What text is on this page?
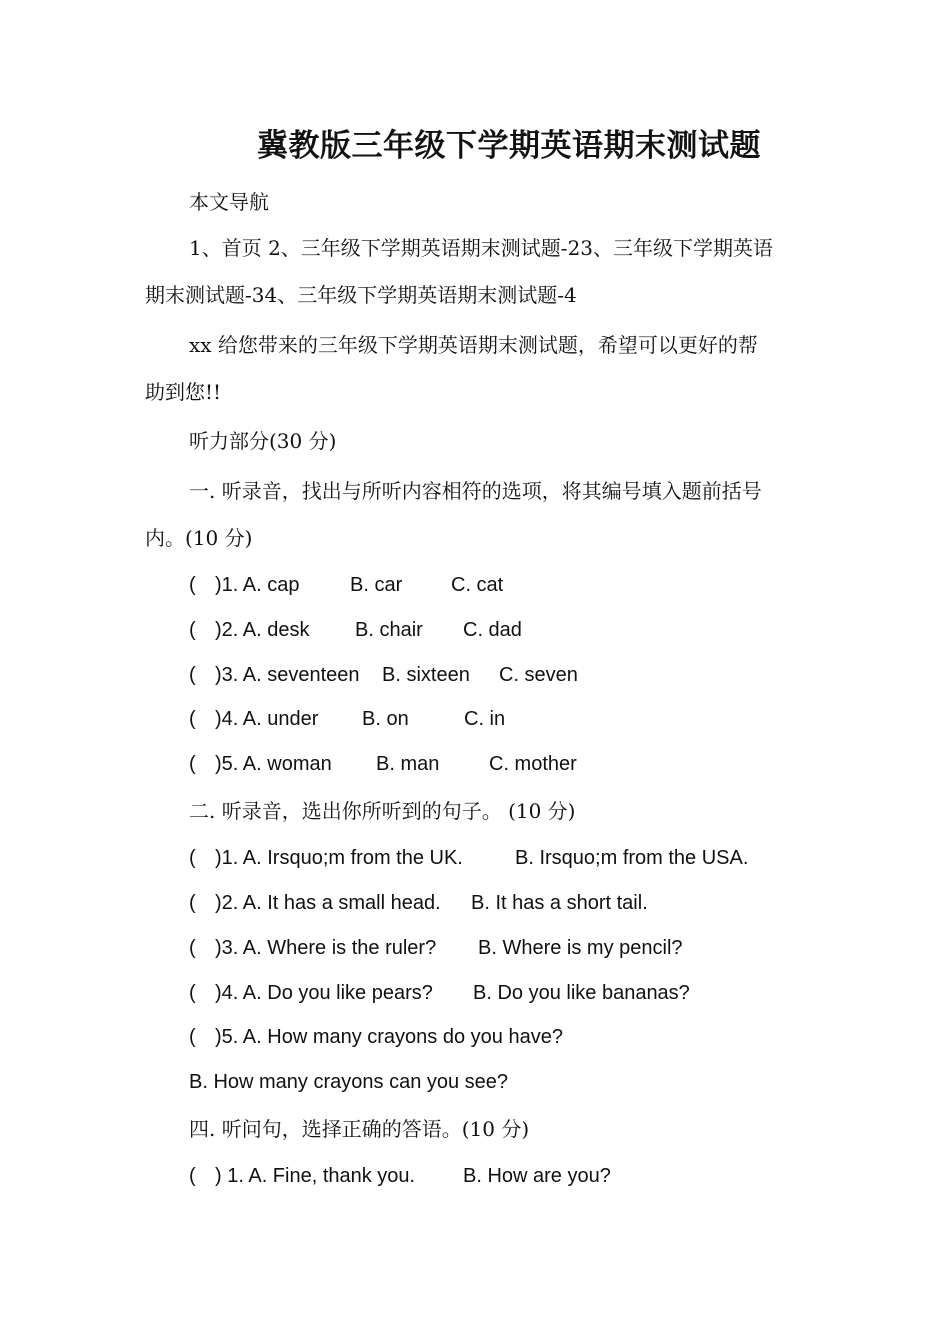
冀教版三年级下学期英语期末测试题
本文导航
1、首页 2、三年级下学期英语期末测试题-23、三年级下学期英语
期末测试题-34、三年级下学期英语期末测试题-4
xx 给您带来的三年级下学期英语期末测试题，希望可以更好的帮
助到您!!
听力部分(30 分)
一. 听录音，找出与所听内容相符的选项，将其编号填入题前括号
内。(10 分)
( )1. A. cap	B. car C. cat
( )2. A. desk B. chair C. dad
( )3. A. seventeen B. sixteen C. seven
( )4. A. under B. on	C. in
( )5. A. woman B. man C. mother
二. 听录音，选出你所听到的句子。 (10 分)
( )1. A. Irsquo;m from the UK.	B. Irsquo;m from the USA.
( )2. A. It has a small head. B. It has a short tail.
( )3. A. Where is the ruler? B. Where is my pencil?
( )4. A. Do you like pears? B. Do you like bananas?
( )5. A. How many crayons do you have?
B. How many crayons can you see?
四. 听问句，选择正确的答语。(10 分)
( ) 1. A. Fine, thank you. B. How are you?
